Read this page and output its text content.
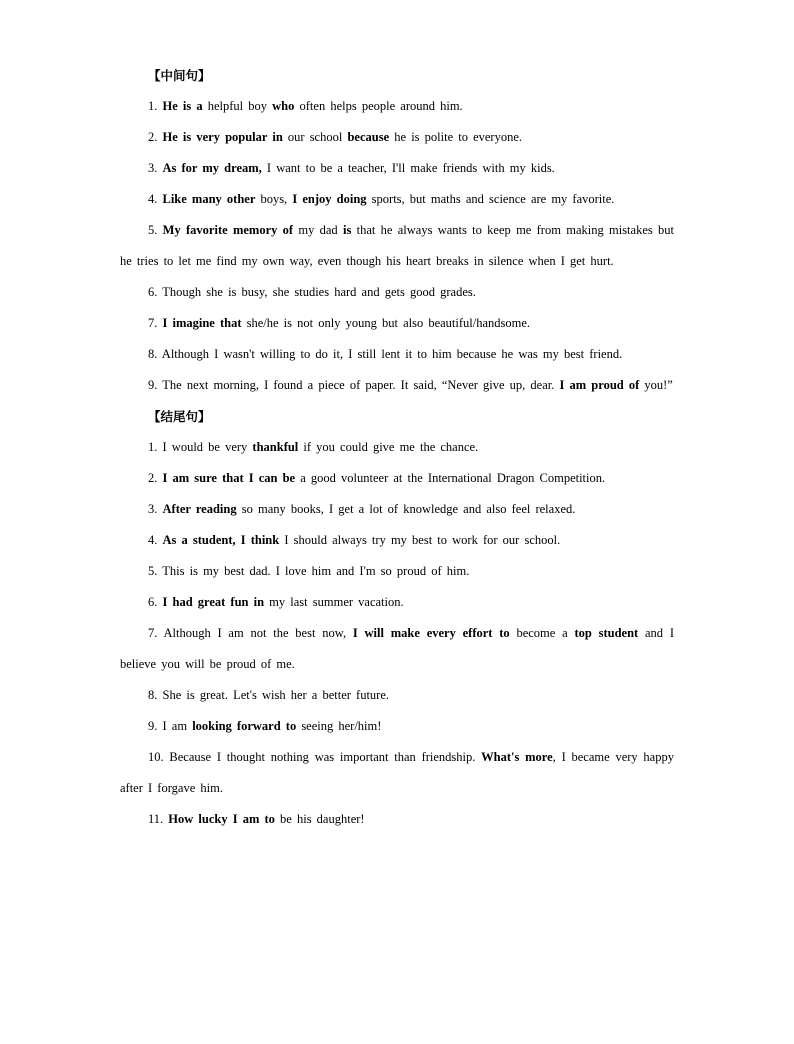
【中间句】

1. He is a helpful boy who often helps people around him.

2. He is very popular in our school because he is polite to everyone.

3. As for my dream, I want to be a teacher, I'll make friends with my kids.

4. Like many other boys, I enjoy doing sports, but maths and science are my favorite.

5. My favorite memory of my dad is that he always wants to keep me from making mistakes but he tries to let me find my own way, even though his heart breaks in silence when I get hurt.

6. Though she is busy, she studies hard and gets good grades.

7. I imagine that she/he is not only young but also beautiful/handsome.

8. Although I wasn't willing to do it, I still lent it to him because he was my best friend.

9. The next morning, I found a piece of paper. It said, “Never give up, dear. I am proud of you!”

【结尾句】

1. I would be very thankful if you could give me the chance.

2. I am sure that I can be a good volunteer at the International Dragon Competition.

3. After reading so many books, I get a lot of knowledge and also feel relaxed.

4. As a student, I think I should always try my best to work for our school.

5. This is my best dad. I love him and I'm so proud of him.

6. I had great fun in my last summer vacation.

7. Although I am not the best now, I will make every effort to become a top student and I believe you will be proud of me.

8. She is great. Let's wish her a better future.

9. I am looking forward to seeing her/him!

10. Because I thought nothing was important than friendship. What's more, I became very happy after I forgave him.

11. How lucky I am to be his daughter!
